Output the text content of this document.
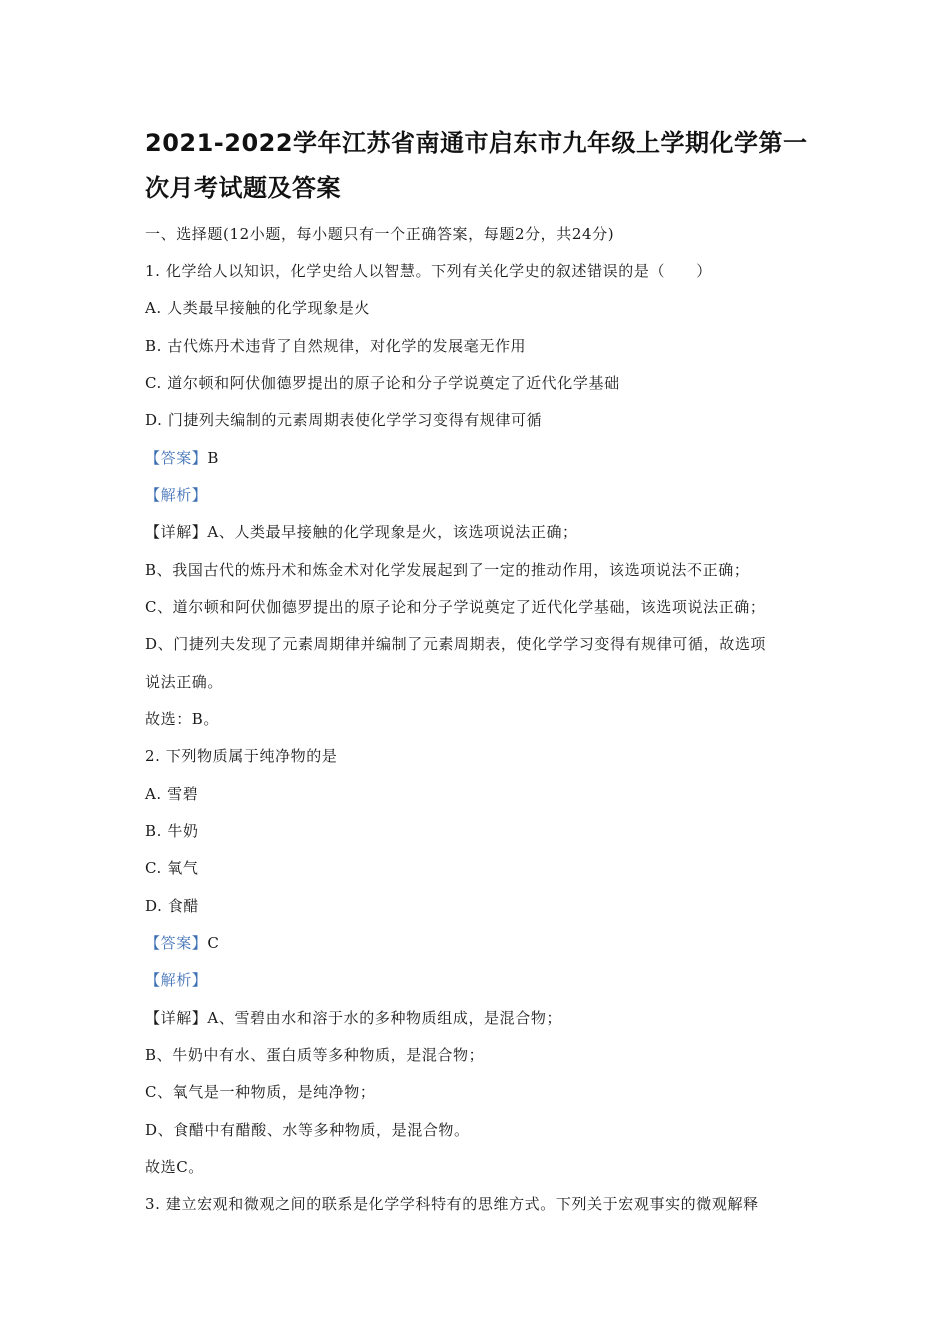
2021-2022学年江苏省南通市启东市九年级上学期化学第一
次月考试题及答案
一、选择题(12小题，每小题只有一个正确答案，每题2分，共24分)
1. 化学给人以知识，化学史给人以智慧。下列有关化学史的叙述错误的是（　　）
A. 人类最早接触的化学现象是火
B. 古代炼丹术违背了自然规律，对化学的发展毫无作用
C. 道尔顿和阿伏伽德罗提出的原子论和分子学说奠定了近代化学基础
D. 门捷列夫编制的元素周期表使化学学习变得有规律可循
【答案】B
【解析】
【详解】A、人类最早接触的化学现象是火，该选项说法正确；
B、我国古代的炼丹术和炼金术对化学发展起到了一定的推动作用，该选项说法不正确；
C、道尔顿和阿伏伽德罗提出的原子论和分子学说奠定了近代化学基础，该选项说法正确；
D、门捷列夫发现了元素周期律并编制了元素周期表，使化学学习变得有规律可循，故选项
说法正确。
故选：B。
2. 下列物质属于纯净物的是
A. 雪碧
B. 牛奶
C. 氧气
D. 食醋
【答案】C
【解析】
【详解】A、雪碧由水和溶于水的多种物质组成，是混合物；
B、牛奶中有水、蛋白质等多种物质，是混合物；
C、氧气是一种物质，是纯净物；
D、食醋中有醋酸、水等多种物质，是混合物。
故选C。
3. 建立宏观和微观之间的联系是化学学科特有的思维方式。下列关于宏观事实的微观解释
